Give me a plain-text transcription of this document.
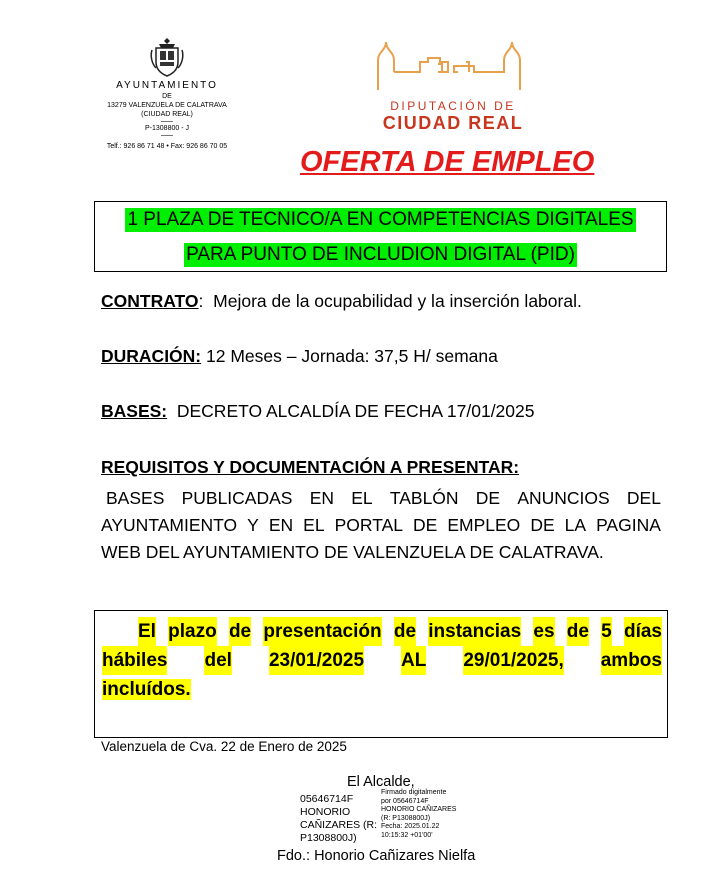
AYUNTAMIENTO
DE
13279 VALENZUELA DE CALATRAVA
(CIUDAD REAL)
P-1308800 - J
Telf.: 926 86 71 48 • Fax: 926 86 70 05
DIPUTACIÓN DE
CIUDAD REAL
OFERTA DE EMPLEO
1 PLAZA DE TECNICO/A EN COMPETENCIAS DIGITALES
PARA PUNTO DE INCLUDION DIGITAL (PID)
CONTRATO:  Mejora de la ocupabilidad y la inserción laboral.
DURACIÓN: 12 Meses – Jornada: 37,5 H/ semana
BASES: DECRETO ALCALDÍA DE FECHA 17/01/2025
REQUISITOS Y DOCUMENTACIÓN A PRESENTAR:
BASES PUBLICADAS EN EL TABLÓN DE ANUNCIOS DEL
AYUNTAMIENTO Y EN EL PORTAL DE EMPLEO DE LA PAGINA
WEB DEL AYUNTAMIENTO DE VALENZUELA DE CALATRAVA.
El plazo de presentación de instancias es de 5 días
hábiles del 23/01/2025 AL 29/01/2025, ambos
incluídos.
Valenzuela de Cva. 22 de Enero de 2025
El Alcalde,
05646714F
HONORIO
CAÑIZARES (R:
P1308800J)
Firmado digitalmente
por 05646714F
HONORIO CAÑIZARES
(R: P1308800J)
Fecha: 2025.01.22
10:15:32 +01'00'
Fdo.: Honorio Cañizares Nielfa
